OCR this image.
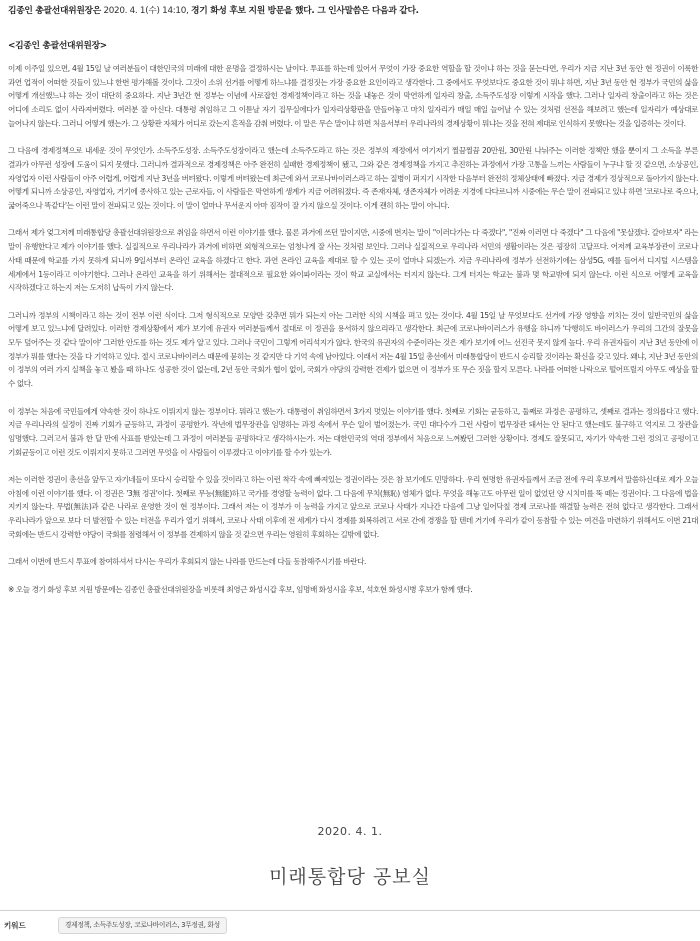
김종인 총괄선대위원장은 2020. 4. 1(수) 14:10, 경기 화성 후보 지원 방문을 했다. 그 인사말씀은 다음과 같다.
<김종인 총괄선대위원장>

이제 이주일 있으면, 4월 15일 날 여러분들이 대한민국의 미래에 대한 운명을 결정하시는 날이다. 투표를 하는데 있어서 무엇이 가장 중요한 역할을 할 것이냐 하는 것을 묻는다면, 우리가 지금 지난 3년 동안 현 정권이 이룩한 과연 업적이 어떠한 것들이 있느냐 한번 평가해볼 것이다. 그것이 소위 선거를 어떻게 하느냐를 결정짓는 가장 중요한 요인이라고 생각한다. 그 중에서도 무엇보다도 중요한 것이 뭐냐 하면, 지난 3년 동안 현 정부가 국민의 삶을 어떻게 개선했느냐 하는 것이 대단히 중요하다. 지난 3년간 현 정부는 이념에 사로잡힌 경제정책이라고 하는 것을 내놓은 것이 막연하게 일자리 창출, 소득주도성장 이렇게 시작을 했다. 그러나 일자리 창출이라고 하는 것은 어디에 소리도 없이 사라져버렸다. 여러분 잘 아신다. 대통령 취임하고 그 이튿날 자기 집무실에다가 일자리상황판을 만들어놓고 마치 일자리가 매일 매일 늘어날 수 있는 것처럼 선전을 해보려고 했는데 일자리가 예상대로 늘어나지 않는다. 그러니 어떻게 했는가. 그 상황판 자체가 어디로 갔는지 흔적을 감춰 버렸다. 이 말은 무슨 말이냐 하면 처음서부터 우리나라의 경제상황이 뭐냐는 것을 전혀 제대로 인식하지 못했다는 것을 입증하는 것이다.

그 다음에 경제정책으로 내세운 것이 무엇인가. 소득주도성장. 소득주도성장이라고 했는데 소득주도라고 하는 것은 정부의 재정에서 여기저기 찔끔찔끔 20만원, 30만원 나눠주는 이러한 정책만 했을 뿐이지 그 소득을 부른 결과가 아무런 성장에 도움이 되지 못했다. 그러니까 결과적으로 경제정책은 아주 완전히 실패한 경제정책이 됐고, 그와 같은 경제정책을 가지고 추진하는 과정에서 가장 고통을 느끼는 사람들이 누구냐 할 것 같으면, 소상공인, 자영업자 이런 사람들이 아주 어렵게, 어렵게 지난 3년을 버텨왔다. 이렇게 버텨왔는데 최근에 와서 코로나바이러스라고 하는 질병이 퍼지기 시작한 다음부터 완전히 정체상태에 빠졌다. 지금 경제가 정상적으로 돌아가지 않는다. 어떻게 되니까 소상공인, 자영업자, 거기에 종사하고 있는 근로자들, 이 사람들은 막연하게 생계가 지금 어려워졌다. 즉 존재자체, 생존자체가 어려운 지경에 다다르니까 시중에는 무슨 말이 전파되고 있냐 하면 '코로나로 죽으나, 굶어죽으나 똑같다'는 이런 말이 전파되고 있는 것이다. 이 말이 얼마나 무서운지 아마 짐작이 잘 가지 않으실 것이다. 이게 괜히 하는 말이 아니다.

그래서 제가 엊그저께 미래통합당 총괄선대위원장으로 취임을 하면서 이런 이야기를 했다. 물론 과거에 쓰던 말이지만, 시중에 번지는 말이 "이러다가는 다 죽겠다", "진짜 이러면 다 죽겠다" 그 다음에 "못살겠다. 갈아보자" 라는 말이 유행한다고 제가 이야기를 했다. 실질적으로 우리나라가 과거에 비하면 외형적으로는 엄청나게 잘 사는 것처럼 보인다. 그러나 실질적으로 우리나라 서민의 생활이라는 것은 굉장히 고달프다. 어저께 교육부장관이 코로나 사태 때문에 학교를 가지 못하게 되니까 9일서부터 온라인 교육을 하겠다고 한다. 과연 온라인 교육을 제대로 할 수 있는 곳이 얼마나 되겠는가. 지금 우리나라에 정부가 선전하기에는 삼성5G, 예를 들어서 디지털 시스템을 세계에서 1등이라고 이야기한다. 그러나 온라인 교육을 하기 위해서는 절대적으로 필요한 와이파이라는 것이 학교 교실에서는 터지지 않는다. 그게 터지는 학교는 불과 몇 학교밖에 되지 않는다. 이런 식으로 어떻게 교육을 시작하겠다고 하는지 저는 도저히 납득이 가지 않는다.

그러니까 정부의 시책이라고 하는 것이 전부 이런 식이다. 그저 형식적으로 모양만 갖추면 뭐가 되는지 아는 그러한 식의 시책을 펴고 있는 것이다. 4월 15일 날 무엇보다도 선거에 가장 영향을 끼치는 것이 일반국민의 삶을 어떻게 보고 있느냐에 달려있다. 이러한 경제상황에서 제가 보기에 유권자 여러분들께서 절대로 이 정권을 용서하지 않으리라고 생각한다. 최근에 코로나바이러스가 유행을 하니까 '다행히도 바이러스가 우리의 그간의 잘못을 모두 덮어주는 것 같다 말이야' 그러한 안도를 하는 것도 제가 알고 있다. 그러나 국민이 그렇게 어리석지가 않다. 한국의 유권자의 수준이라는 것은 제가 보기에 어느 선진국 못지 않게 높다. 우리 유권자들이 지난 3년 동안에 이 정부가 뭐를 했다는 것을 다 기억하고 있다. 절시 코로나바이러스 때문에 묻히는 것 같지만 다 기억 속에 남아있다. 이래서 저는 4월 15일 총선에서 미래통합당이 반드시 승리할 것이라는 확신을 갖고 있다. 왜냐, 지난 3년 동안의 이 정부의 여러 가지 실책을 놓고 봤을 때 하나도 성공한 것이 없는데, 2년 동안 국회가 협이 없이, 국회가 야당의 강력한 견제가 없으면 이 정부가 또 무슨 짓을 할지 모른다. 나라를 어떠한 나락으로 떨어뜨릴지 아무도 예상을 할 수 없다.

이 정부는 처음에 국민들에게 약속한 것이 하나도 이뤄지지 않는 정부이다. 뭐라고 했는가. 대통령이 취임하면서 3가지 멋있는 이야기를 했다. 첫째로 기회는 균등하고, 둘째로 과정은 공평하고, 셋째로 결과는 정의롭다고 했다. 지금 우리나라의 실정이 진짜 기회가 균등하고, 과정이 공평한가. 작년에 법무장관을 임명하는 과정 속에서 무슨 일이 벌어졌는가. 국민 대다수가 그런 사람이 법무장관 돼서는 안 된다고 했는데도 불구하고 억지로 그 장관을 임명했다. 그러고서 불과 한 달 만에 사표를 받았는데 그 과정이 여러분들 공평하다고 생각하시는가. 저는 대한민국의 역대 정부에서 처음으로 느껴봤던 그러한 상황이다. 경제도 잘못되고, 자기가 약속한 그런 정의고 공평이고 기회균등이고 이런 것도 이뤄지지 못하고 그러면 무엇을 이 사람들이 이루겠다고 이야기를 할 수가 있는가.

저는 이러한 정권이 총선을 앞두고 자기네들이 또다시 승리할 수 있을 것이라고 하는 이런 착각 속에 빠져있는 정권이라는 것은 참 보기에도 민망하다. 우리 현명한 유권자들께서 조금 전에 우리 후보께서 말씀하신대로 제가 오늘 아침에 이런 이야기를 했다. 이 정권은 '3無 정권'이다. 첫째로 무능(無能)하고 국가를 경영할 능력이 없다. 그 다음에 무치(無恥) 염체가 없다. 무엇을 해놓고도 아무런 일이 없었던 양 시치미를 뚝 떼는 정권이다. 그 다음에 법을 지키지 않는다. 무법(無法)과 같은 나라로 운영한 것이 현 정부이다. 그래서 저는 이 정부가 이 능력을 가지고 앞으로 코로나 사태가 지나간 다음에 그냥 일어닥칠 경제 코로나를 해결할 능력은 전혀 없다고 생각한다. 그래서 우리나라가 앞으로 보다 더 발전할 수 있는 터전을 우리가 열기 위해서, 코로나 사태 이후에 전 세계가 다시 경제를 회복하려고 서로 간에 경쟁을 할 텐데 거기에 우리가 같이 동참할 수 있는 여건을 마련하기 위해서도 이번 21대 국회에는 반드시 강력한 야당이 국회를 점령해서 이 정부를 견제하지 않을 것 같으면 우리는 영원히 후회하는 길밖에 없다.

그래서 이번에 반드시 투표에 참여하셔서 다시는 우리가 후회되지 않는 나라를 만드는데 다들 동참해주시기를 바란다.

※ 오늘 경기 화성 후보 지원 방문에는 김종인 총괄선대위원장을 비롯해 최영근 화성시갑 후보, 임명배 화성시을 후보, 석호현 화성시병 후보가 함께 했다.

2020. 4. 1.
미래통합당 공보실
키워드	경제정책, 소득주도성장, 코로나바이러스, 3무정권, 화성
